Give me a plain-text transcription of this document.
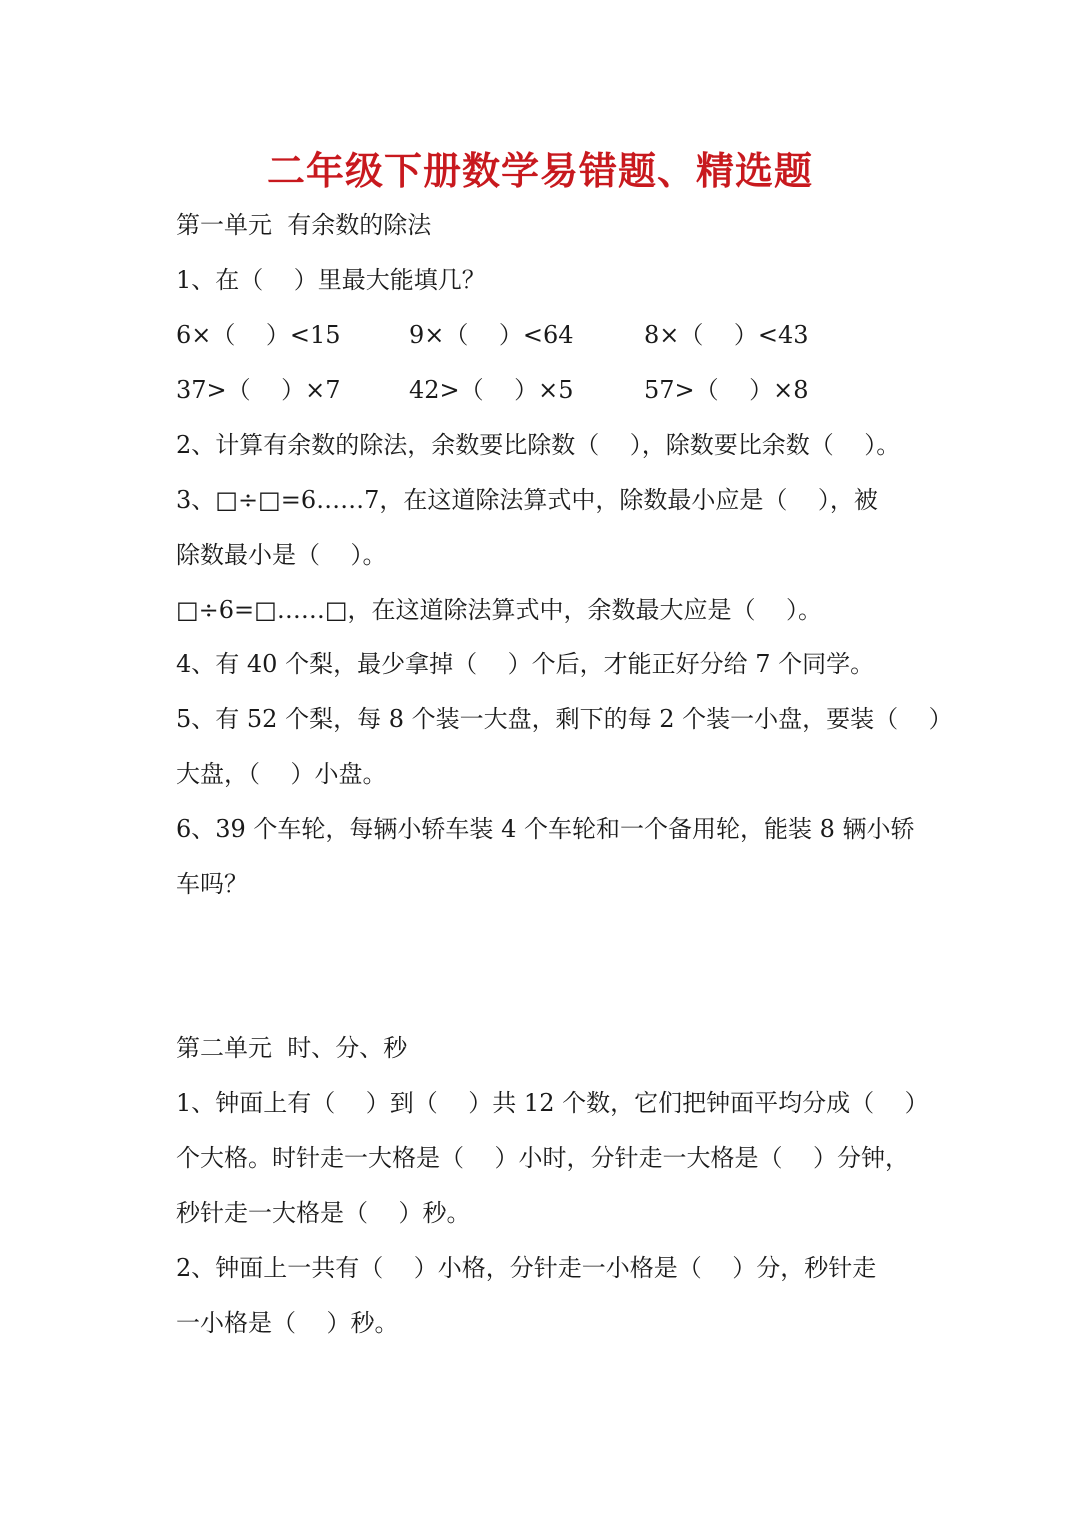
二年级下册数学易错题、精选题
第一单元  有余数的除法
1、在（    ）里最大能填几？
6×（    ）<15	9×（    ）<64	8×（    ）<43
37>（    ）×7	42>（    ）×5	57>（    ）×8
2、计算有余数的除法，余数要比除数（    ），除数要比余数（    ）。
3、□÷□=6……7，在这道除法算式中，除数最小应是（    ），被
除数最小是（    ）。
□÷6=□……□，在这道除法算式中，余数最大应是（    ）。
4、有 40 个梨，最少拿掉（    ）个后，才能正好分给 7 个同学。
5、有 52 个梨，每 8 个装一大盘，剩下的每 2 个装一小盘，要装（    ）
大盘，（    ）小盘。
6、39 个车轮，每辆小轿车装 4 个车轮和一个备用轮，能装 8 辆小轿
车吗？
第二单元  时、分、秒
1、钟面上有（    ）到（    ）共 12 个数，它们把钟面平均分成（    ）
个大格。时针走一大格是（    ）小时，分针走一大格是（    ）分钟，
秒针走一大格是（    ）秒。
2、钟面上一共有（    ）小格，分针走一小格是（    ）分，秒针走
一小格是（    ）秒。
